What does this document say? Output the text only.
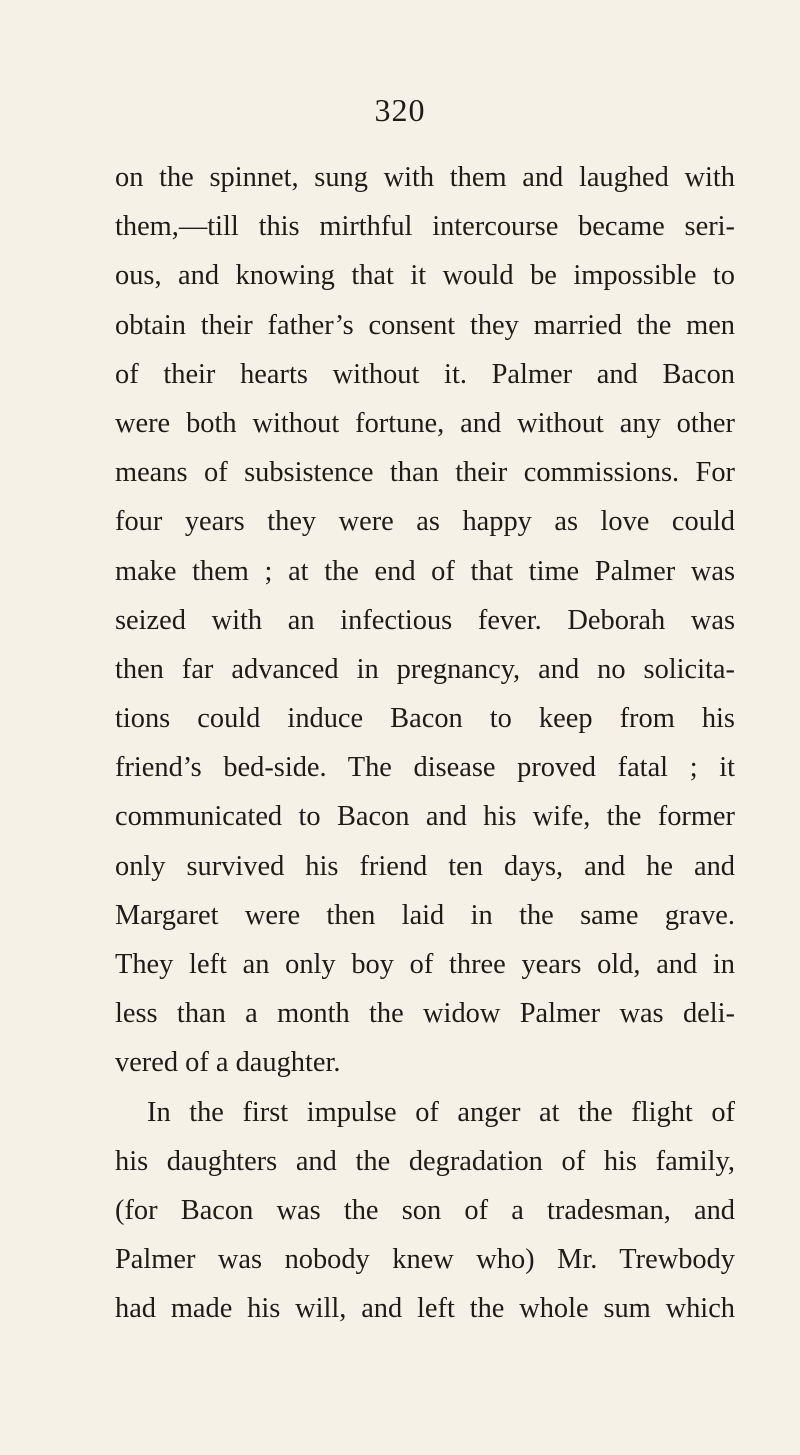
320
on the spinnet, sung with them and laughed with
them,—till this mirthful intercourse became seri-
ous, and knowing that it would be impossible to
obtain their father’s consent they married the men
of their hearts without it. Palmer and Bacon
were both without fortune, and without any other
means of subsistence than their commissions. For
four years they were as happy as love could
make them ; at the end of that time Palmer was
seized with an infectious fever. Deborah was
then far advanced in pregnancy, and no solicita-
tions could induce Bacon to keep from his
friend’s bed-side. The disease proved fatal ; it
communicated to Bacon and his wife, the former
only survived his friend ten days, and he and
Margaret were then laid in the same grave.
They left an only boy of three years old, and in
less than a month the widow Palmer was deli-
vered of a daughter.
In the first impulse of anger at the flight of
his daughters and the degradation of his family,
(for Bacon was the son of a tradesman, and
Palmer was nobody knew who) Mr. Trewbody
had made his will, and left the whole sum which
